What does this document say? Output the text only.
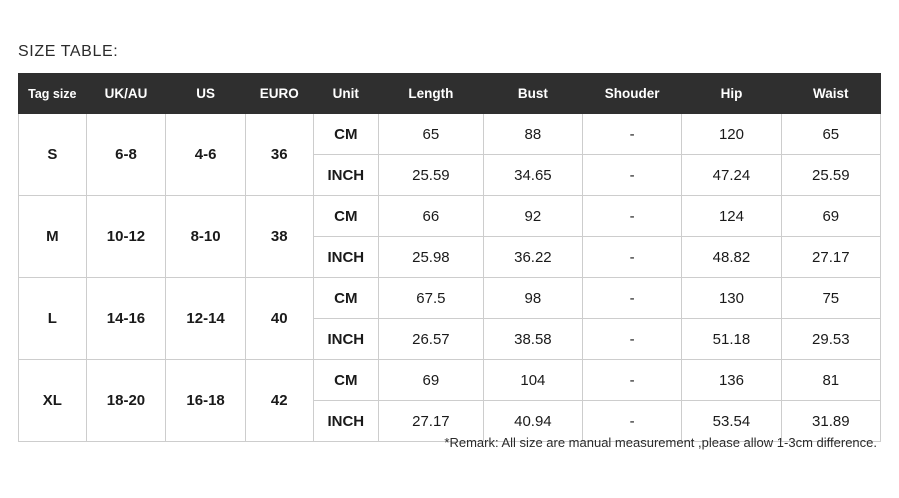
SIZE TABLE:
Tag size	UK/AU	US	EURO	Unit	Length	Bust	Shouder	Hip	Waist
S	6-8	4-6	36	CM	65	88	-	120	65
				INCH	25.59	34.65	-	47.24	25.59
M	10-12	8-10	38	CM	66	92	-	124	69
				INCH	25.98	36.22	-	48.82	27.17
L	14-16	12-14	40	CM	67.5	98	-	130	75
				INCH	26.57	38.58	-	51.18	29.53
XL	18-20	16-18	42	CM	69	104	-	136	81
				INCH	27.17	40.94	-	53.54	31.89
*Remark: All size are manual measurement ,please allow 1-3cm difference.
